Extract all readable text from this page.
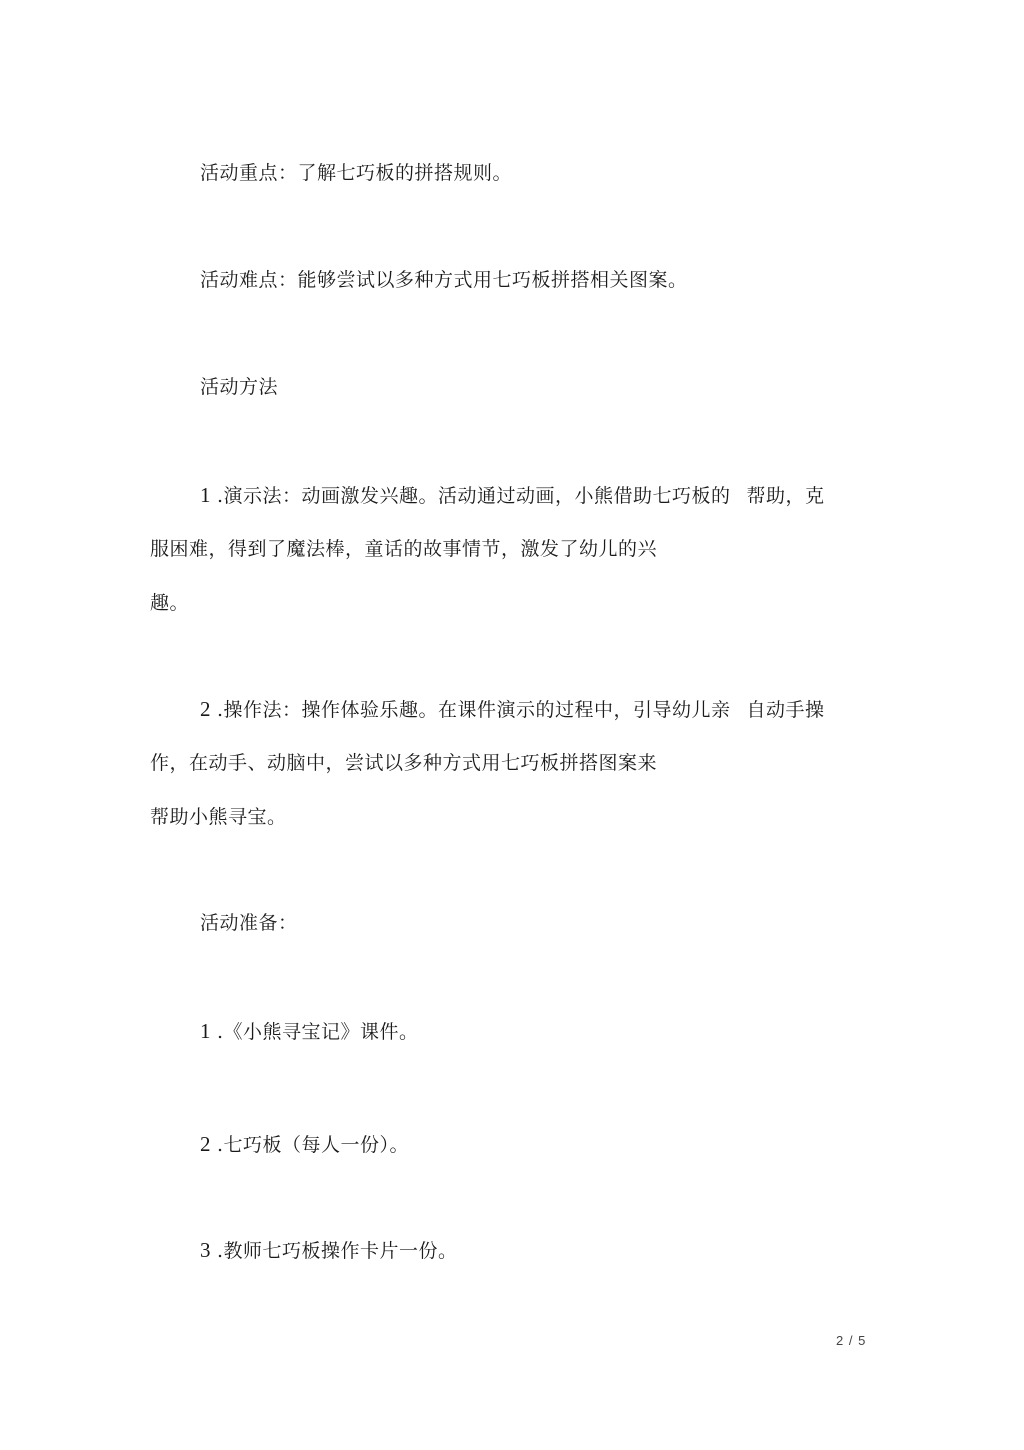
活动重点：了解七巧板的拼搭规则。
活动难点：能够尝试以多种方式用七巧板拼搭相关图案。
活动方法
1 .演示法：动画激发兴趣。活动通过动画，小熊借助七巧板的 帮助，克
服困难，得到了魔法棒，童话的故事情节，激发了幼儿的兴
趣。
2 .操作法：操作体验乐趣。在课件演示的过程中，引导幼儿亲 自动手操
作，在动手、动脑中，尝试以多种方式用七巧板拼搭图案来
帮助小熊寻宝。
活动准备：
1 .《小熊寻宝记》课件。
2 .七巧板（每人一份）。
3 .教师七巧板操作卡片一份。
2 / 5
